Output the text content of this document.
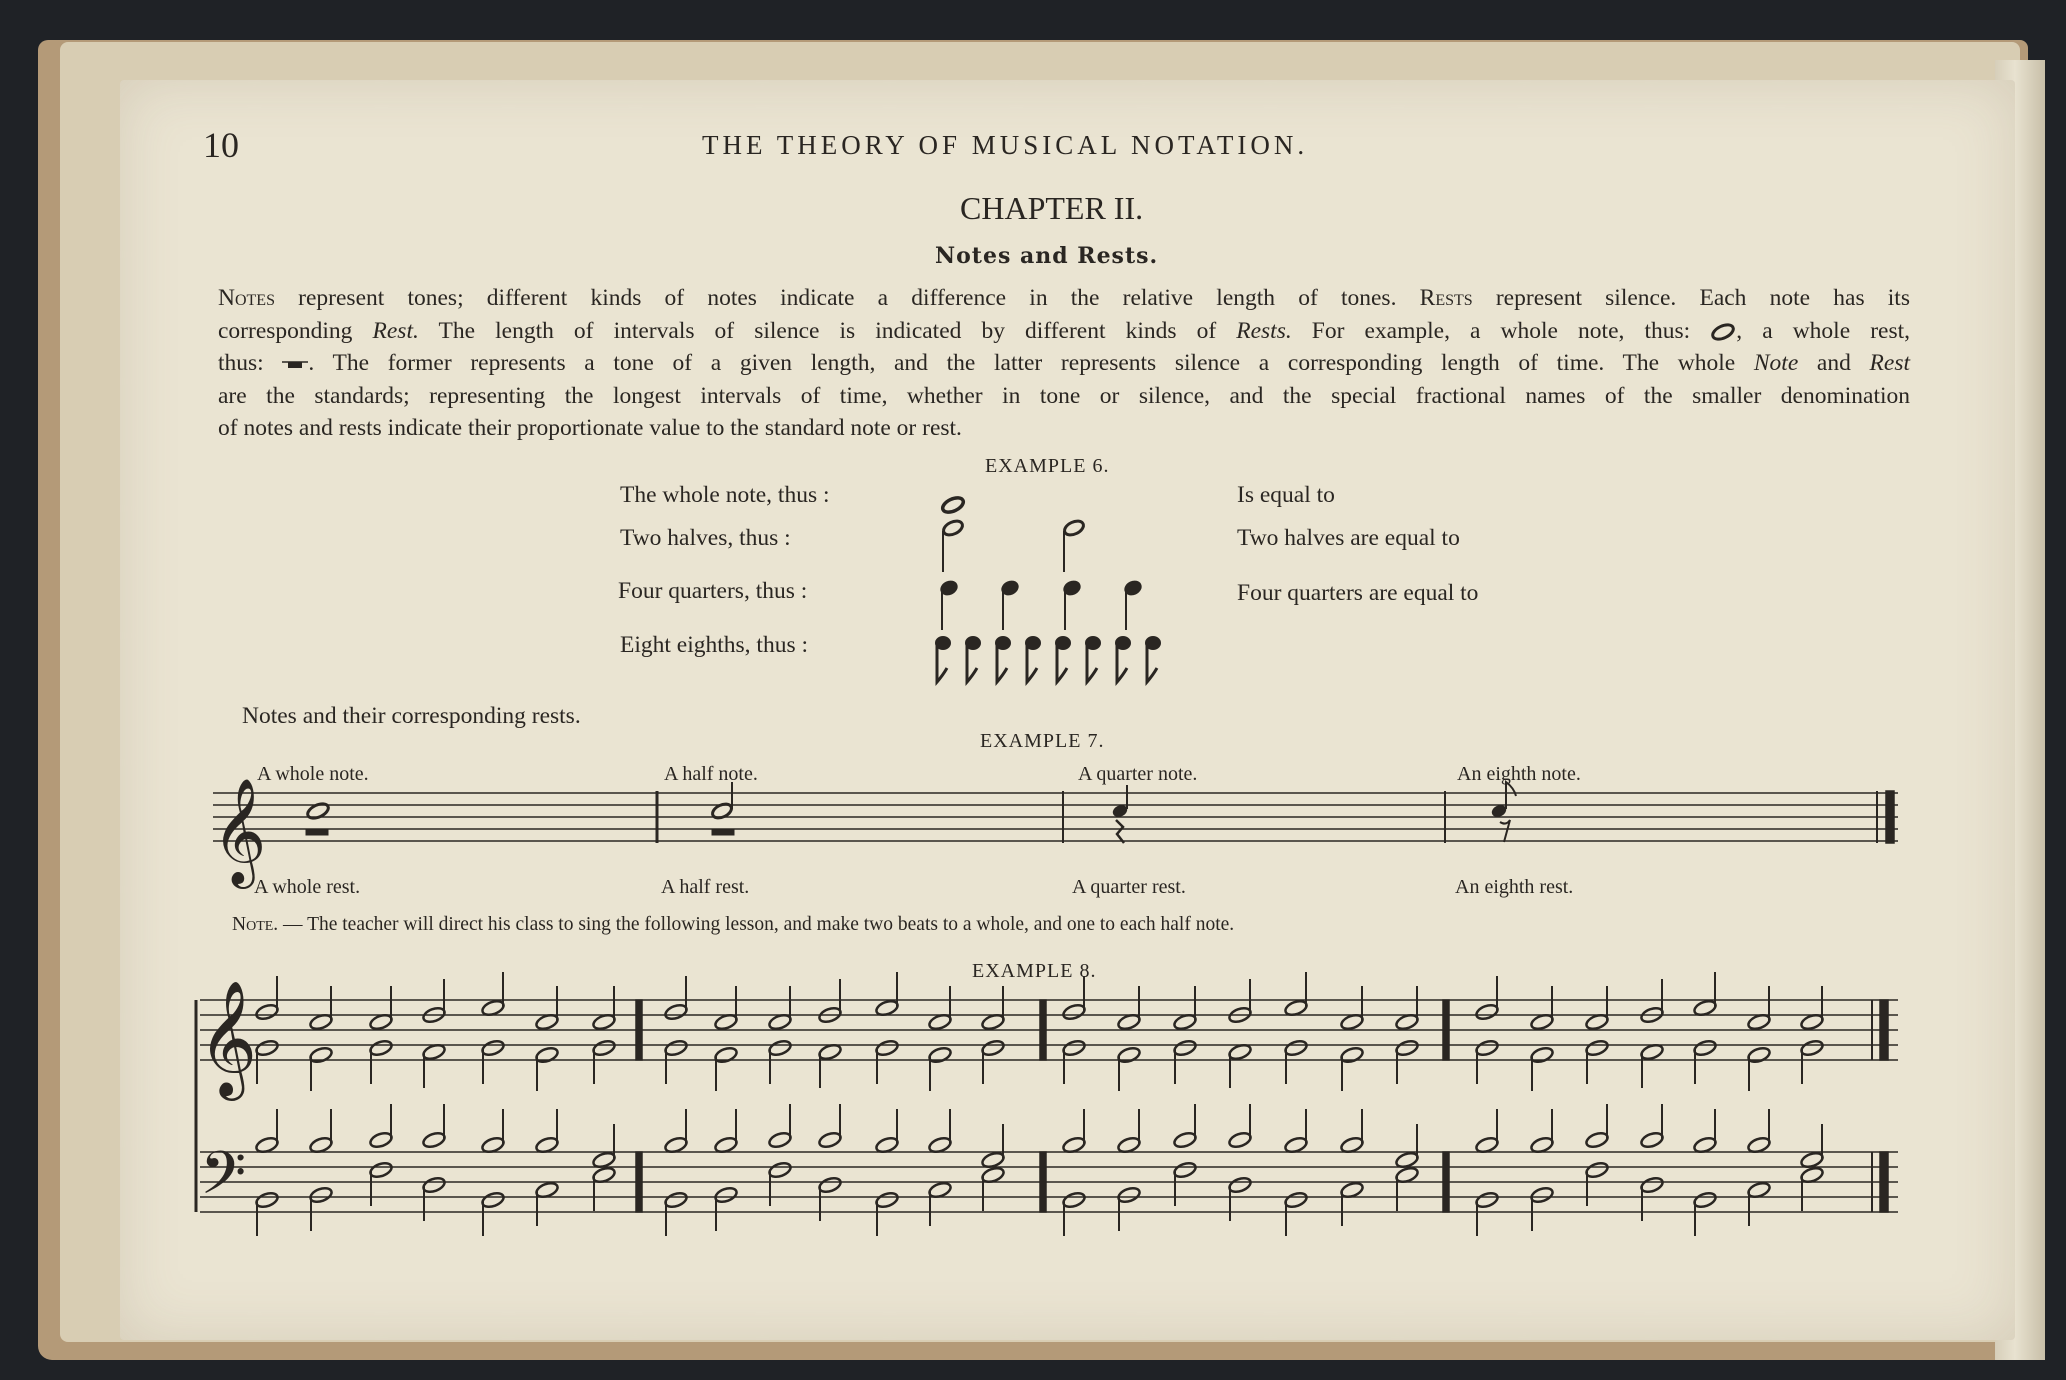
10	THE THEORY OF MUSICAL NOTATION.
CHAPTER II.
Notes and Rests.
Notes represent tones; different kinds of notes indicate a difference in the relative length of tones. Rests represent silence. Each note has its
corresponding Rest. The length of intervals of silence is indicated by different kinds of Rests. For example, a whole note, thus: , a whole rest,
thus: . The former represents a tone of a given length, and the latter represents silence a corresponding length of time. The whole Note and Rest
are the standards; representing the longest intervals of time, whether in tone or silence, and the special fractional names of the smaller denomination
of notes and rests indicate their proportionate value to the standard note or rest.
EXAMPLE 6.
The whole note, thus :	Is equal to
Two halves, thus :	Two halves are equal to
Four quarters, thus :	Four quarters are equal to
Eight eighths, thus :
Notes and their corresponding rests.
EXAMPLE 7.
A whole note.	A half note.	A quarter note.	An eighth note.
A whole rest.	A half rest.	A quarter rest.	An eighth rest.
Note. — The teacher will direct his class to sing the following lesson, and make two beats to a whole, and one to each half note.
EXAMPLE 8.
𝄞
𝄞
𝄢
